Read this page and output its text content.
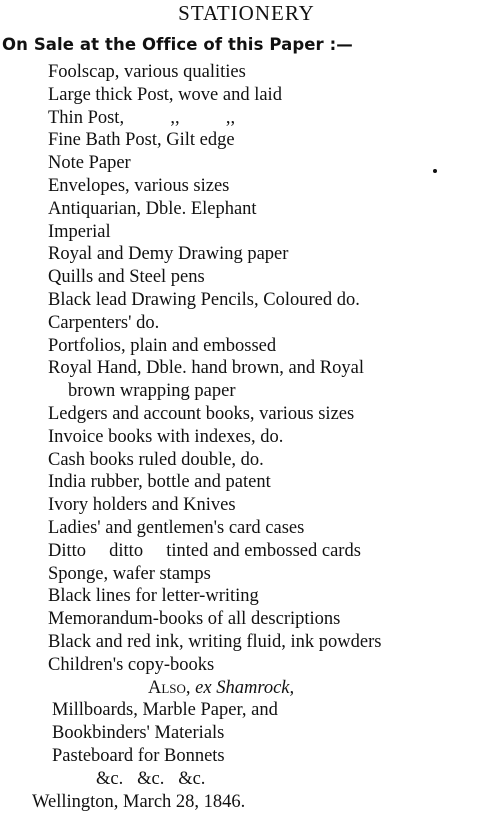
STATIONERY
On Sale at the Office of this Paper :—
Foolscap, various qualities
Large thick Post, wove and laid
Thin Post,          ,,          ,,
Fine Bath Post, Gilt edge
Note Paper
Envelopes, various sizes
Antiquarian, Dble. Elephant
Imperial
Royal and Demy Drawing paper
Quills and Steel pens
Black lead Drawing Pencils, Coloured do.
Carpenters' do.
Portfolios, plain and embossed
Royal Hand, Dble. hand brown, and Royal
brown wrapping paper
Ledgers and account books, various sizes
Invoice books with indexes, do.
Cash books ruled double, do.
India rubber, bottle and patent
Ivory holders and Knives
Ladies' and gentlemen's card cases
Ditto     ditto     tinted and embossed cards
Sponge, wafer stamps
Black lines for letter-writing
Memorandum-books of all descriptions
Black and red ink, writing fluid, ink powders
Children's copy-books
Also, ex Shamrock,
Millboards, Marble Paper, and
Bookbinders' Materials
Pasteboard for Bonnets
&c.   &c.   &c.
Wellington, March 28, 1846.
